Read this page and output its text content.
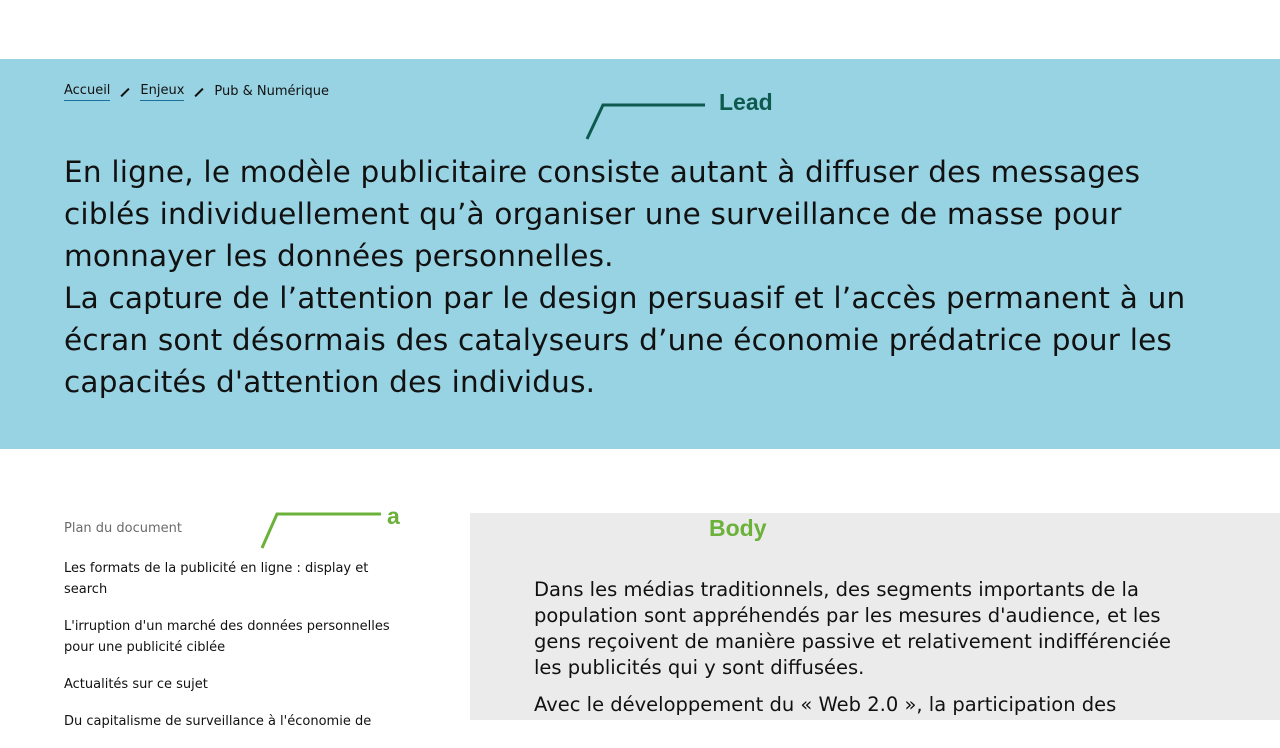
Accueil Enjeux Pub & Numérique
En ligne, le modèle publicitaire consiste autant à diffuser des messages ciblés individuellement qu’à organiser une surveillance de masse pour monnayer les données personnelles.
La capture de l’attention par le design persuasif et l’accès permanent à un écran sont désormais des catalyseurs d’une économie prédatrice pour les capacités d'attention des individus.
Lead
a
Plan du document
Les formats de la publicité en ligne : display et search
L'irruption d'un marché des données personnelles pour une publicité ciblée
Actualités sur ce sujet
Du capitalisme de surveillance à l'économie de

Dans les médias traditionnels, des segments importants de la population sont appréhendés par les mesures d'audience, et les gens reçoivent de manière passive et relativement indifférenciée les publicités qui y sont diffusées.

Avec le développement du « Web 2.0 », la participation des

Body
